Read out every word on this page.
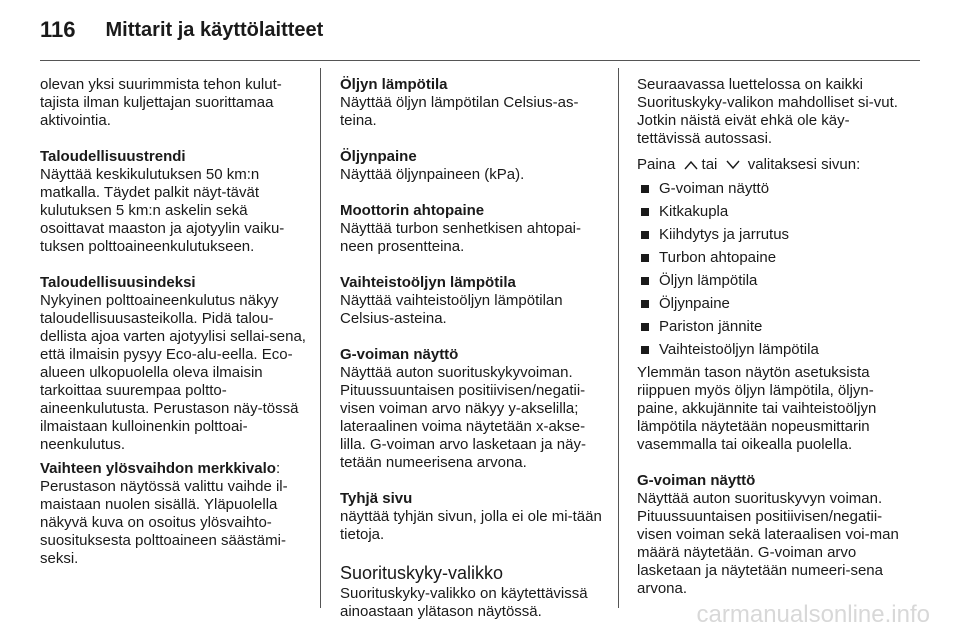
116 Mittarit ja käyttölaitteet

olevan yksi suurimmista tehon kulut-tajista ilman kuljettajan suorittamaa aktivointia.

Taloudellisuustrendi
Näyttää keskikulutuksen 50 km:n matkalla. Täydet palkit näyt-tävät kulutuksen 5 km:n askelin sekä osoittavat maaston ja ajotyylin vaiku-tuksen polttoaineenkulutukseen.
Taloudellisuusindeksi
Nykyinen polttoaineenkulutus näkyy taloudellisuusasteikolla. Pidä talou-dellista ajoa varten ajotyylisi sellai-sena, että ilmaisin pysyy Eco-alu-eella. Eco-alueen ulkopuolella oleva ilmaisin tarkoittaa suurempaa poltto-aineenkulutusta. Perustason näy-tössä ilmaistaan kulloinenkin polttoai-neenkulutus.
Vaihteen ylösvaihdon merkkivalo:
Perustason näytössä valittu vaihde il-maistaan nuolen sisällä. Yläpuolella näkyvä kuva on osoitus ylösvaihto-suosituksesta polttoaineen säästämi-seksi.
Öljyn lämpötila
Näyttää öljyn lämpötilan Celsius-as-teina.
Öljynpaine
Näyttää öljynpaineen (kPa).
Moottorin ahtopaine
Näyttää turbon senhetkisen ahtopai-neen prosentteina.
Vaihteistoöljyn lämpötila
Näyttää vaihteistoöljyn lämpötilan Celsius-asteina.
G-voiman näyttö
Näyttää auton suorituskykyvoiman. Pituussuuntaisen positiivisen/negatii-visen voiman arvo näkyy y-akselilla; lateraalinen voima näytetään x-akse-lilla. G-voiman arvo lasketaan ja näy-tetään numeerisena arvona.
Tyhjä sivu
näyttää tyhjän sivun, jolla ei ole mi-tään tietoja.
Suorituskyky-valikko
Suorituskyky-valikko on käytettävissä ainoastaan ylätason näytössä.

Seuraavassa luettelossa on kaikki Suorituskyky-valikon mahdolliset si-vut. Jotkin näistä eivät ehkä ole käy-tettävissä autossasi.

Paina tai valitaksesi sivun:

G-voiman näyttö
Kitkakupla
Kiihdytys ja jarrutus
Turbon ahtopaine
Öljyn lämpötila
Öljynpaine
Pariston jännite
Vaihteistoöljyn lämpötila

Ylemmän tason näytön asetuksista riippuen myös öljyn lämpötila, öljyn-paine, akkujännite tai vaihteistoöljyn lämpötila näytetään nopeusmittarin vasemmalla tai oikealla puolella.

G-voiman näyttö
Näyttää auton suorituskyvyn voiman. Pituussuuntaisen positiivisen/negatii-visen voiman sekä lateraalisen voi-man määrä näytetään. G-voiman arvo lasketaan ja näytetään numeeri-sena arvona.
carmanualsonline.info
